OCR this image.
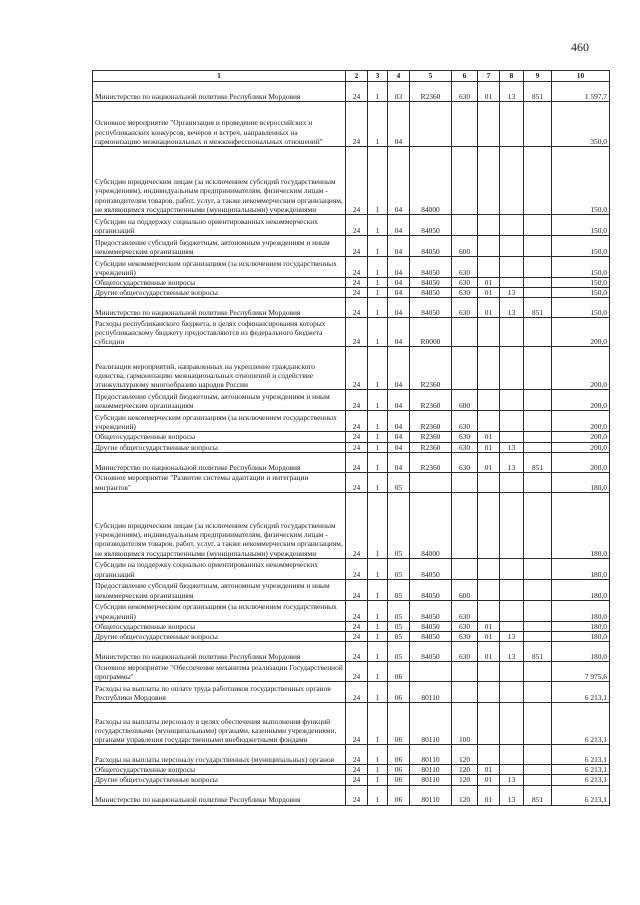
460
1	2	3	4	5	6	7	8	9	10
Министерство по национальной политике Республики Мордовия	24	1	03	R2360	630	01	13	851	1 597,7
Основное мероприятие "Организация и проведение всероссийских и республиканских конкурсов, вечеров и встреч, направленных на гармонизацию межнациональных и межконфессиональных отношений"	24	1	04						350,0
Субсидии юридическим лицам (за исключением субсидий государственным учреждениям), индивидуальным предпринимателям, физическим лицам - производителям товаров, работ, услуг, а также некоммерческим организациям, не являющимся государственными (муниципальными) учреждениями	24	1	04	84000					150,0
Субсидии на поддержку социально ориентированных некоммерческих организаций	24	1	04	84050					150,0
Предоставление субсидий бюджетным, автономным учреждениям и иным некоммерческим организациям	24	1	04	84050	600				150,0
Субсидии некоммерческим организациям (за исключением государственных учреждений)	24	1	04	84050	630				150,0
Общегосударственные вопросы	24	1	04	84050	630	01			150,0
Другие общегосударственные вопросы	24	1	04	84050	630	01	13		150,0
Министерство по национальной политике Республики Мордовия	24	1	04	84050	630	01	13	851	150,0
Расходы республиканского бюджета, в целях софинансирования которых республиканскому бюджету предоставляются из федерального бюджета субсидии	24	1	04	R0000					200,0
Реализация мероприятий, направленных на укрепление гражданского единства, гармонизацию межнациональных отношений и содействие этнокультурному многообразию народов России	24	1	04	R2360					200,0
Предоставление субсидий бюджетным, автономным учреждениям и иным некоммерческим организациям	24	1	04	R2360	600				200,0
Субсидии некоммерческим организациям (за исключением государственных учреждений)	24	1	04	R2360	630				200,0
Общегосударственные вопросы	24	1	04	R2360	630	01			200,0
Другие общегосударственные вопросы	24	1	04	R2360	630	01	13		200,0
Министерство по национальной политике Республики Мордовия	24	1	04	R2360	630	01	13	851	200,0
Основное мероприятие "Развитие системы адаптации и интеграции мигрантов"	24	1	05						180,0
Субсидии юридическим лицам (за исключением субсидий государственным учреждениям), индивидуальным предпринимателям, физическим лицам - производителям товаров, работ, услуг, а также некоммерческим организациям, не являющимся государственными (муниципальными) учреждениями	24	1	05	84000					180,0
Субсидии на поддержку социально ориентированных некоммерческих организаций	24	1	05	84050					180,0
Предоставление субсидий бюджетным, автономным учреждениям и иным некоммерческим организациям	24	1	05	84050	600				180,0
Субсидии некоммерческим организациям (за исключением государственных учреждений)	24	1	05	84050	630				180,0
Общегосударственные вопросы	24	1	05	84050	630	01			180,0
Другие общегосударственные вопросы	24	1	05	84050	630	01	13		180,0
Министерство по национальной политике Республики Мордовия	24	1	05	84050	630	01	13	851	180,0
Основное мероприятие "Обеспечение механизма реализации Государственной программы"	24	1	06						7 975,6
Расходы на выплаты по оплате труда работников государственных органов Республики Мордовия	24	1	06	80110					6 213,1
Расходы на выплаты персоналу в целях обеспечения выполнения функций государственными (муниципальными) органами, казенными учреждениями, органами управления государственными внебюджетными фондами	24	1	06	80110	100				6 213,1
Расходы на выплаты персоналу государственных (муниципальных) органов	24	1	06	80110	120				6 213,1
Общегосударственные вопросы	24	1	06	80110	120	01			6 213,1
Другие общегосударственные вопросы	24	1	06	80110	120	01	13		6 213,1
Министерство по национальной политике Республики Мордовия	24	1	06	80110	120	01	13	851	6 213,1
